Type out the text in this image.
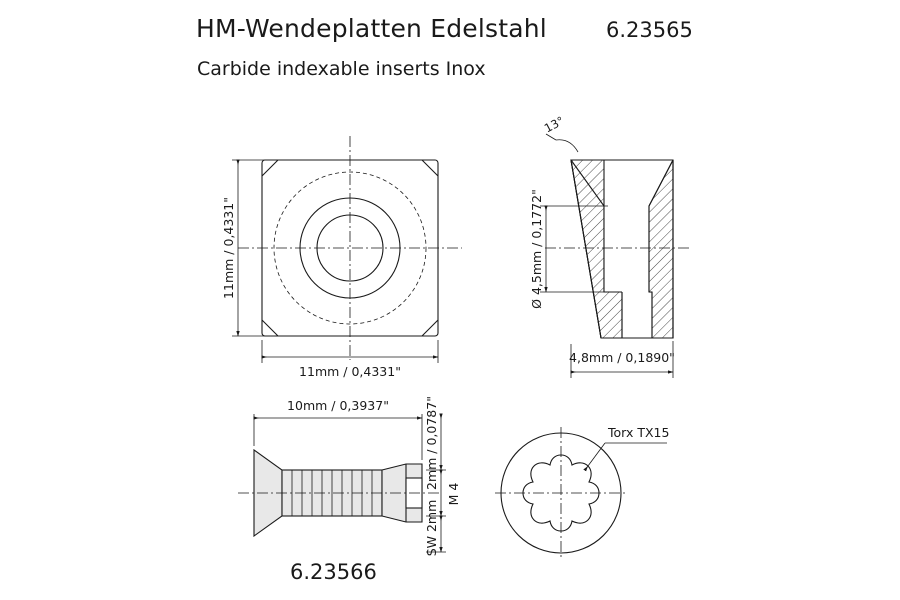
HM-Wendeplatten Edelstahl	6.23565
Carbide indexable inserts Inox
6.23566
11mm / 0,4331"
11mm / 0,4331"
13°
Ø 4,5mm / 0,1772"
4,8mm / 0,1890"
10mm / 0,3937"	2mm / 0,0787"
M 4
SW 2mm
Torx TX15
